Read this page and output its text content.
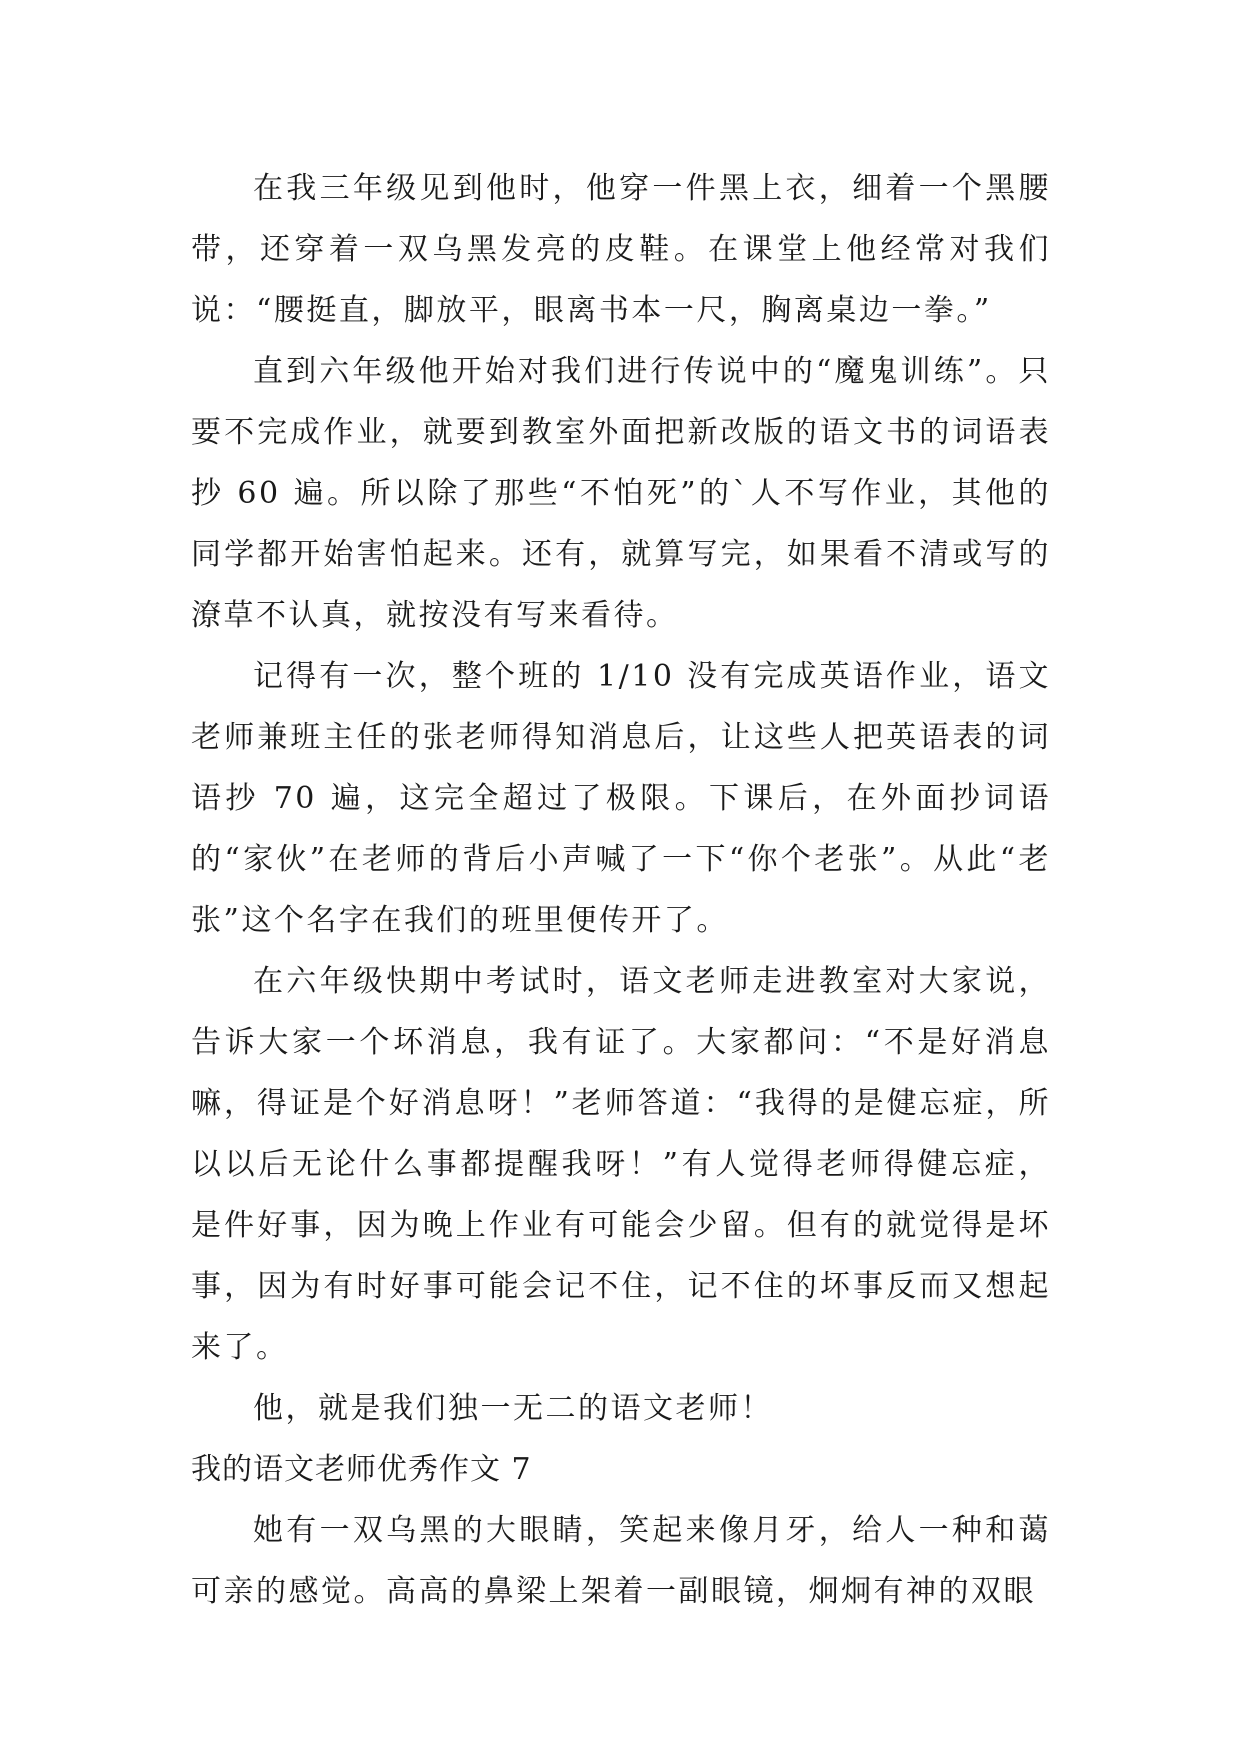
在我三年级见到他时，他穿一件黑上衣，细着一个黑腰带，还穿着一双乌黑发亮的皮鞋。在课堂上他经常对我们说：“腰挺直，脚放平，眼离书本一尺，胸离桌边一拳。”

直到六年级他开始对我们进行传说中的“魔鬼训练”。只要不完成作业，就要到教室外面把新改版的语文书的词语表抄 60 遍。所以除了那些“不怕死”的`人不写作业，其他的同学都开始害怕起来。还有，就算写完，如果看不清或写的潦草不认真，就按没有写来看待。

记得有一次，整个班的 1/10 没有完成英语作业，语文老师兼班主任的张老师得知消息后，让这些人把英语表的词语抄 70 遍，这完全超过了极限。下课后，在外面抄词语的“家伙”在老师的背后小声喊了一下“你个老张”。从此“老张”这个名字在我们的班里便传开了。

在六年级快期中考试时，语文老师走进教室对大家说，告诉大家一个坏消息，我有证了。大家都问：“不是好消息嘛，得证是个好消息呀！”老师答道：“我得的是健忘症，所以以后无论什么事都提醒我呀！”有人觉得老师得健忘症，是件好事，因为晚上作业有可能会少留。但有的就觉得是坏事，因为有时好事可能会记不住，记不住的坏事反而又想起来了。

他，就是我们独一无二的语文老师！

我的语文老师优秀作文 7

她有一双乌黑的大眼睛，笑起来像月牙，给人一种和蔼可亲的感觉。高高的鼻梁上架着一副眼镜，炯炯有神的双眼
